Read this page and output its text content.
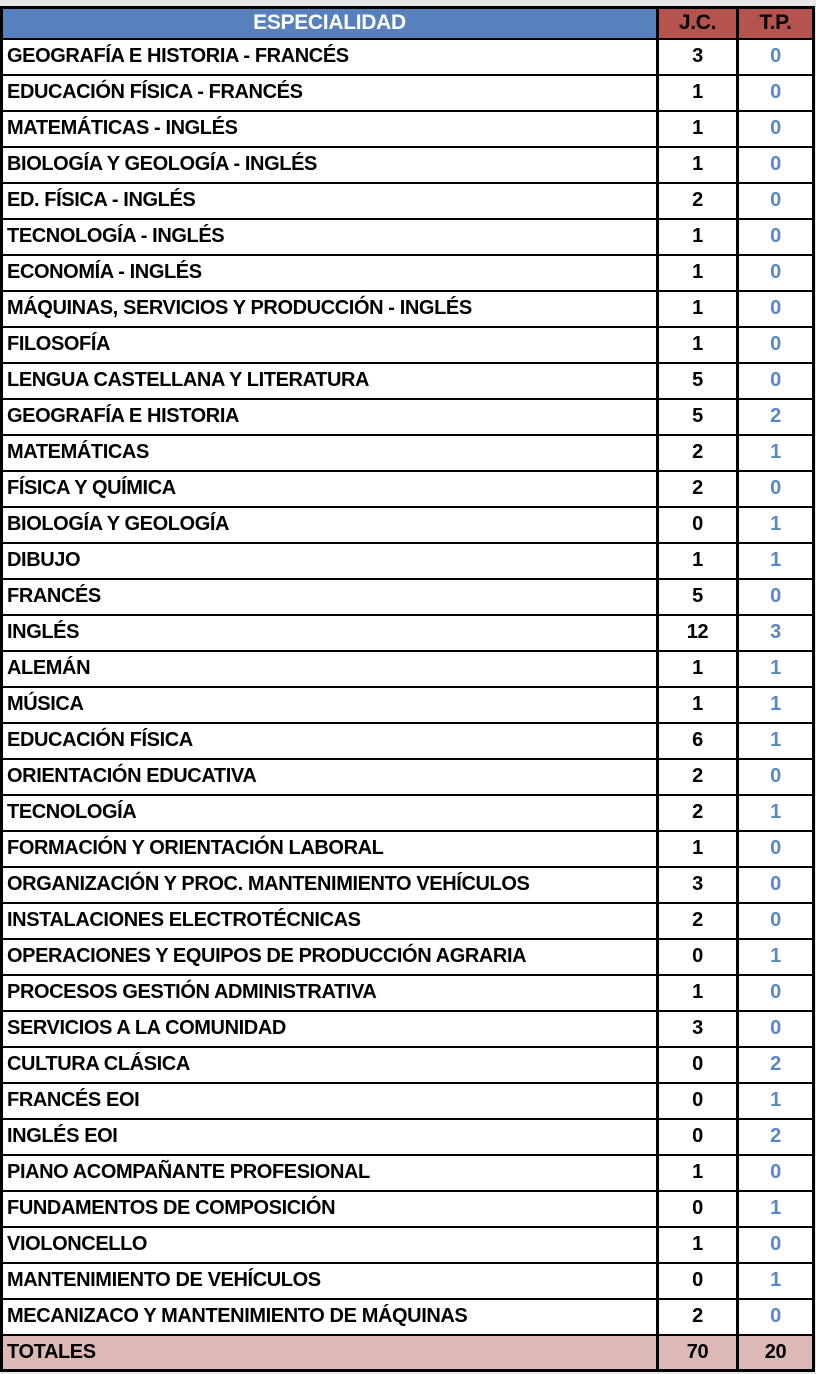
ESPECIALIDAD	J.C.	T.P.
GEOGRAFÍA E HISTORIA - FRANCÉS	3	0
EDUCACIÓN FÍSICA - FRANCÉS	1	0
MATEMÁTICAS - INGLÉS	1	0
BIOLOGÍA Y GEOLOGÍA - INGLÉS	1	0
ED. FÍSICA - INGLÉS	2	0
TECNOLOGÍA - INGLÉS	1	0
ECONOMÍA - INGLÉS	1	0
MÁQUINAS, SERVICIOS Y PRODUCCIÓN - INGLÉS	1	0
FILOSOFÍA	1	0
LENGUA CASTELLANA Y LITERATURA	5	0
GEOGRAFÍA E HISTORIA	5	2
MATEMÁTICAS	2	1
FÍSICA Y QUÍMICA	2	0
BIOLOGÍA Y GEOLOGÍA	0	1
DIBUJO	1	1
FRANCÉS	5	0
INGLÉS	12	3
ALEMÁN	1	1
MÚSICA	1	1
EDUCACIÓN FÍSICA	6	1
ORIENTACIÓN EDUCATIVA	2	0
TECNOLOGÍA	2	1
FORMACIÓN Y ORIENTACIÓN LABORAL	1	0
ORGANIZACIÓN Y PROC. MANTENIMIENTO VEHÍCULOS	3	0
INSTALACIONES ELECTROTÉCNICAS	2	0
OPERACIONES Y EQUIPOS DE PRODUCCIÓN AGRARIA	0	1
PROCESOS GESTIÓN ADMINISTRATIVA	1	0
SERVICIOS A LA COMUNIDAD	3	0
CULTURA CLÁSICA	0	2
FRANCÉS EOI	0	1
INGLÉS EOI	0	2
PIANO ACOMPAÑANTE PROFESIONAL	1	0
FUNDAMENTOS DE COMPOSICIÓN	0	1
VIOLONCELLO	1	0
MANTENIMIENTO DE VEHÍCULOS	0	1
MECANIZACO Y MANTENIMIENTO DE MÁQUINAS	2	0
TOTALES	70	20
